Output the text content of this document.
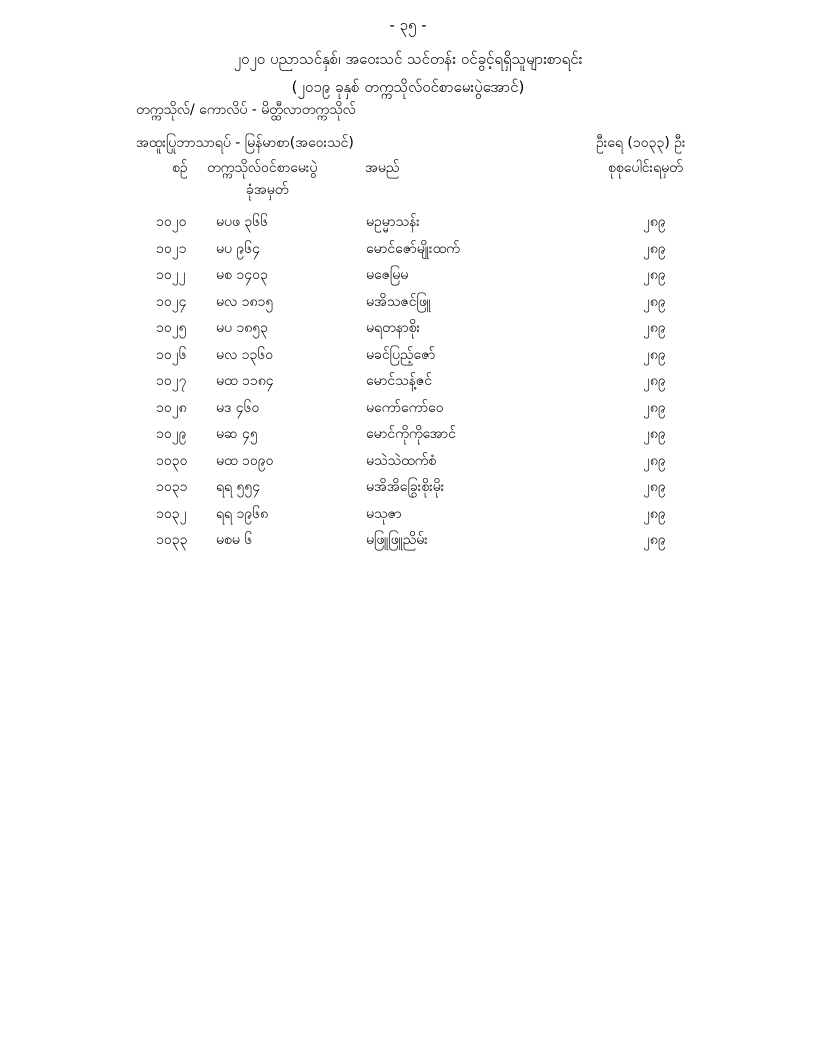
- ၃၅ -
၂၀၂၀ ပညာသင်နှစ်၊ အဝေးသင် သင်တန်း ဝင်ခွင့်ရရှိသူများစာရင်း
(၂၀၁၉ ခုနှစ် တက္ကသိုလ်ဝင်စာမေးပွဲအောင်)
တက္ကသိုလ်/ ကောလိပ် - မိတ္ထီလာတက္ကသိုလ်
အထူးပြုဘာသာရပ် - မြန်မာစာ(အဝေးသင်)	ဦးရေ (၁၀၃၃) ဦး
စဉ် တက္ကသိုလ်ဝင်စာမေးပွဲ
ခုံအမှတ်
အမည်	စုစုပေါင်းရမှတ်
၁၀၂၀ မပဖ ၃၆၆	မဥမ္မာသန်း	၂၈၉
၁၀၂၁ မပ ၉၆၄	မောင်ဇော်မျိုးထက်	၂၈၉
၁၀၂၂ မစ ၁၄၀၃	မဇေမြမ	၂၈၉
၁၀၂၄ မလ ၁၈၁၅	မအိသဇင်ဖြူ	၂၈၉
၁၀၂၅ မပ ၁၈၅၃	မရတနာစိုး	၂၈၉
၁၀၂၆ မလ ၁၃၆၀	မခင်ပြည့်ဇော်	၂၈၉
၁၀၂၇ မထ ၁၁၈၄	မောင်သန့်ဇင်	၂၈၉
၁၀၂၈ မဒ ၄၆၀	မကော်ကော်ဝေ	၂၈၉
၁၀၂၉ မဆ ၄၅	မောင်ကိုကိုအောင်	၂၈၉
၁၀၃၀ မထ ၁၀၉၀	မသဲသဲထက်စံ	၂၈၉
၁၀၃၁ ရရ ၅၅၄	မအိအိခြွေးစိုးမိုး	၂၈၉
၁၀၃၂ ရရ ၁၉၆၈	မသုဇာ	၂၈၉
၁၀၃၃ မစမ ၆	မဖြူဖြူညိမ်း	၂၈၉
